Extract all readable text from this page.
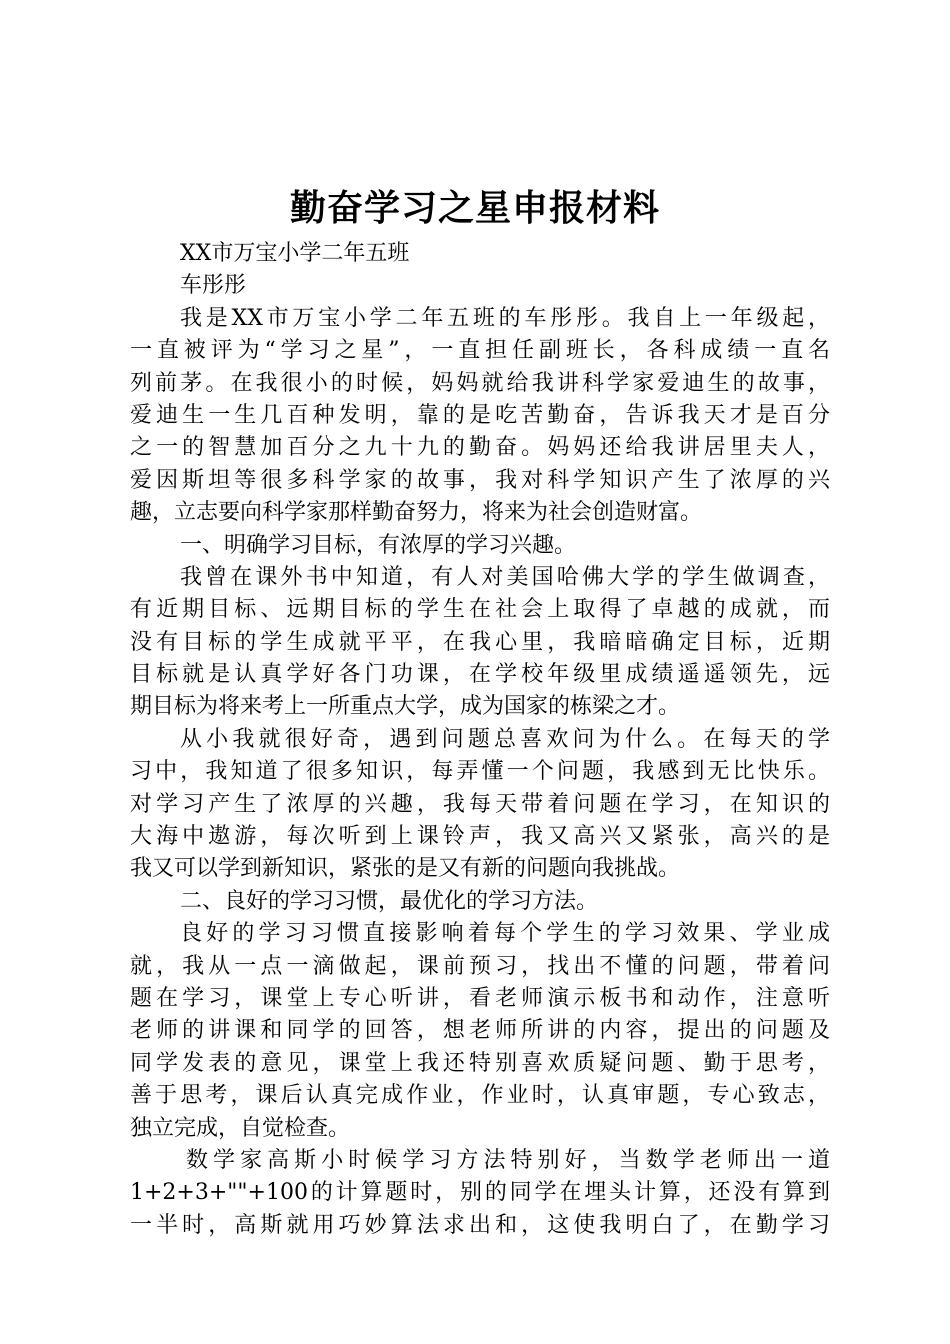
勤奋学习之星申报材料
XX市万宝小学二年五班
车彤彤
我是XX市万宝小学二年五班的车彤彤。我自上一年级起，
一直被评为“学习之星”，一直担任副班长，各科成绩一直名
列前茅。在我很小的时候，妈妈就给我讲科学家爱迪生的故事，
爱迪生一生几百种发明，靠的是吃苦勤奋，告诉我天才是百分
之一的智慧加百分之九十九的勤奋。妈妈还给我讲居里夫人，
爱因斯坦等很多科学家的故事，我对科学知识产生了浓厚的兴
趣，立志要向科学家那样勤奋努力，将来为社会创造财富。
一、明确学习目标，有浓厚的学习兴趣。
我曾在课外书中知道，有人对美国哈佛大学的学生做调查，
有近期目标、远期目标的学生在社会上取得了卓越的成就，而
没有目标的学生成就平平，在我心里，我暗暗确定目标，近期
目标就是认真学好各门功课，在学校年级里成绩遥遥领先，远
期目标为将来考上一所重点大学，成为国家的栋梁之才。
从小我就很好奇，遇到问题总喜欢问为什么。在每天的学
习中，我知道了很多知识，每弄懂一个问题，我感到无比快乐。
对学习产生了浓厚的兴趣，我每天带着问题在学习，在知识的
大海中遨游，每次听到上课铃声，我又高兴又紧张，高兴的是
我又可以学到新知识，紧张的是又有新的问题向我挑战。
二、良好的学习习惯，最优化的学习方法。
良好的学习习惯直接影响着每个学生的学习效果、学业成
就，我从一点一滴做起，课前预习，找出不懂的问题，带着问
题在学习，课堂上专心听讲，看老师演示板书和动作，注意听
老师的讲课和同学的回答，想老师所讲的内容，提出的问题及
同学发表的意见，课堂上我还特别喜欢质疑问题、勤于思考，
善于思考，课后认真完成作业，作业时，认真审题，专心致志，
独立完成，自觉检查。
数学家高斯小时候学习方法特别好，当数学老师出一道
1+2+3+""+100的计算题时，别的同学在埋头计算，还没有算到
一半时，高斯就用巧妙算法求出和，这使我明白了，在勤学习
